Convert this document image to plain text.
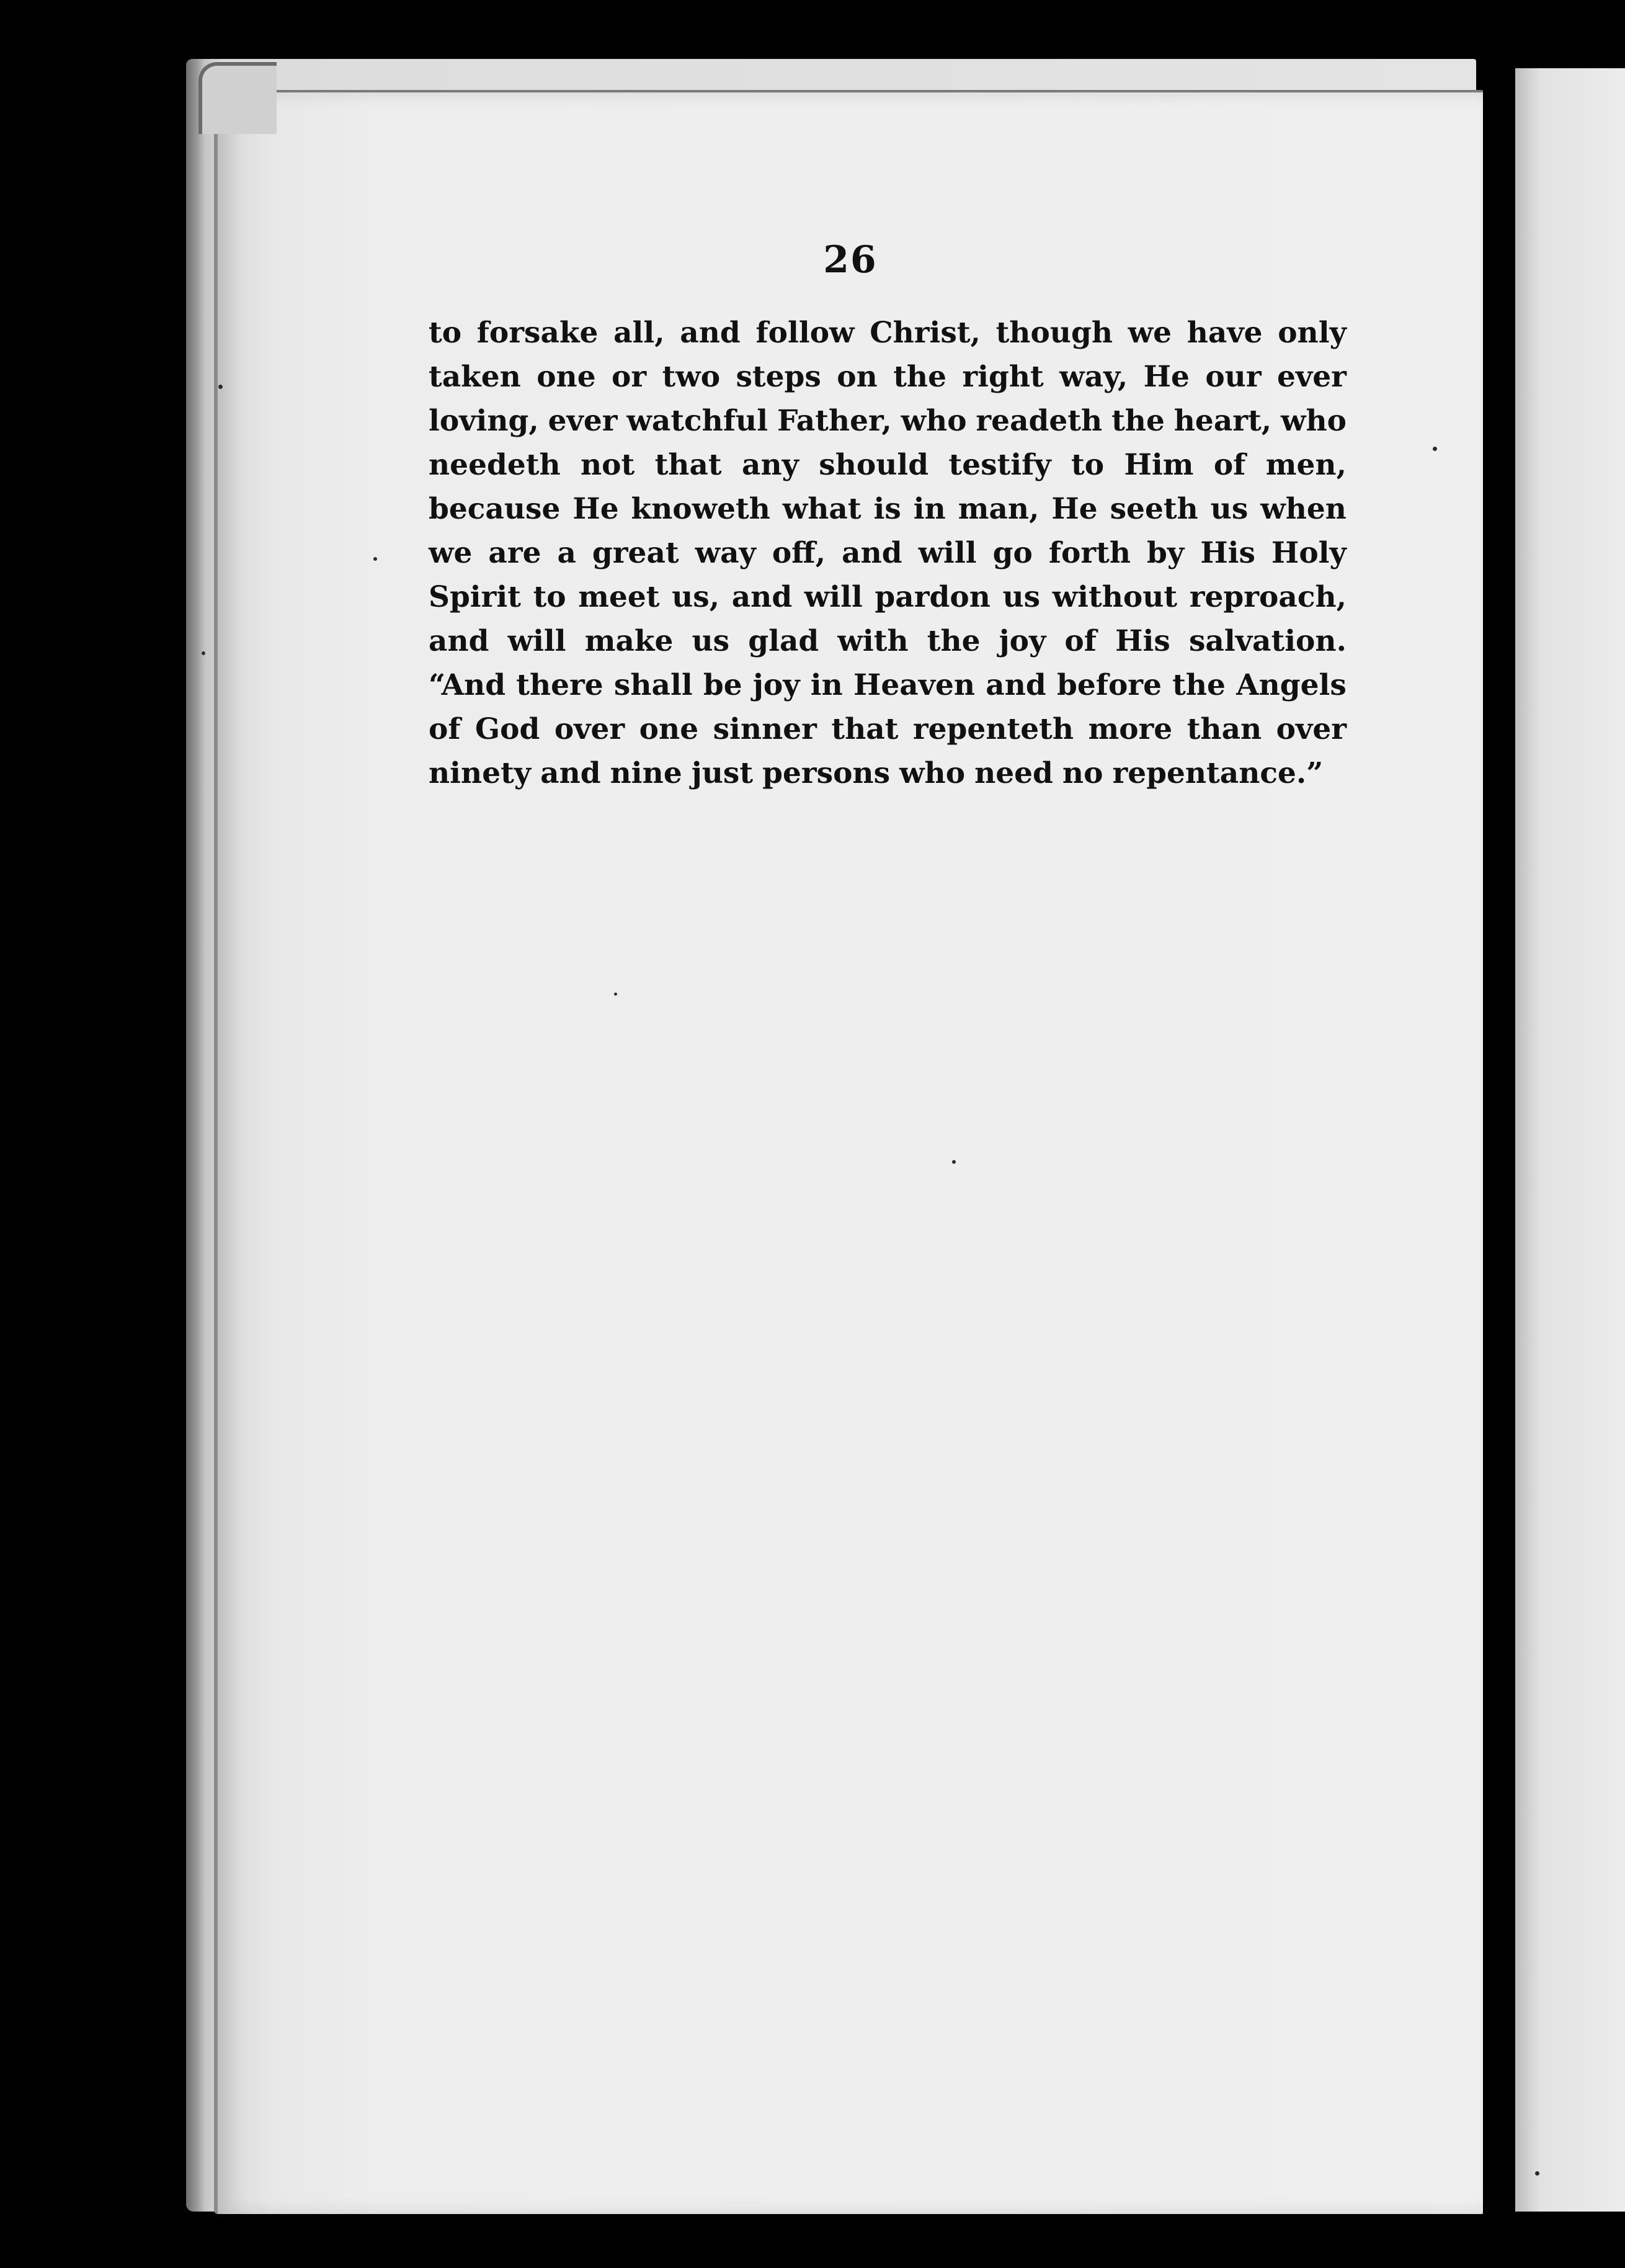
26
to forsake all, and follow Christ, though we have only
taken one or two steps on the right way, He our ever
loving, ever watchful Father, who readeth the heart, who
needeth not that any should testify to Him of men,
because He knoweth what is in man, He seeth us when
we are a great way off, and will go forth by His Holy
Spirit to meet us, and will pardon us without reproach,
and will make us glad with the joy of His salvation.
“And there shall be joy in Heaven and before the Angels
of God over one sinner that repenteth more than over
ninety and nine just persons who need no repentance.”
